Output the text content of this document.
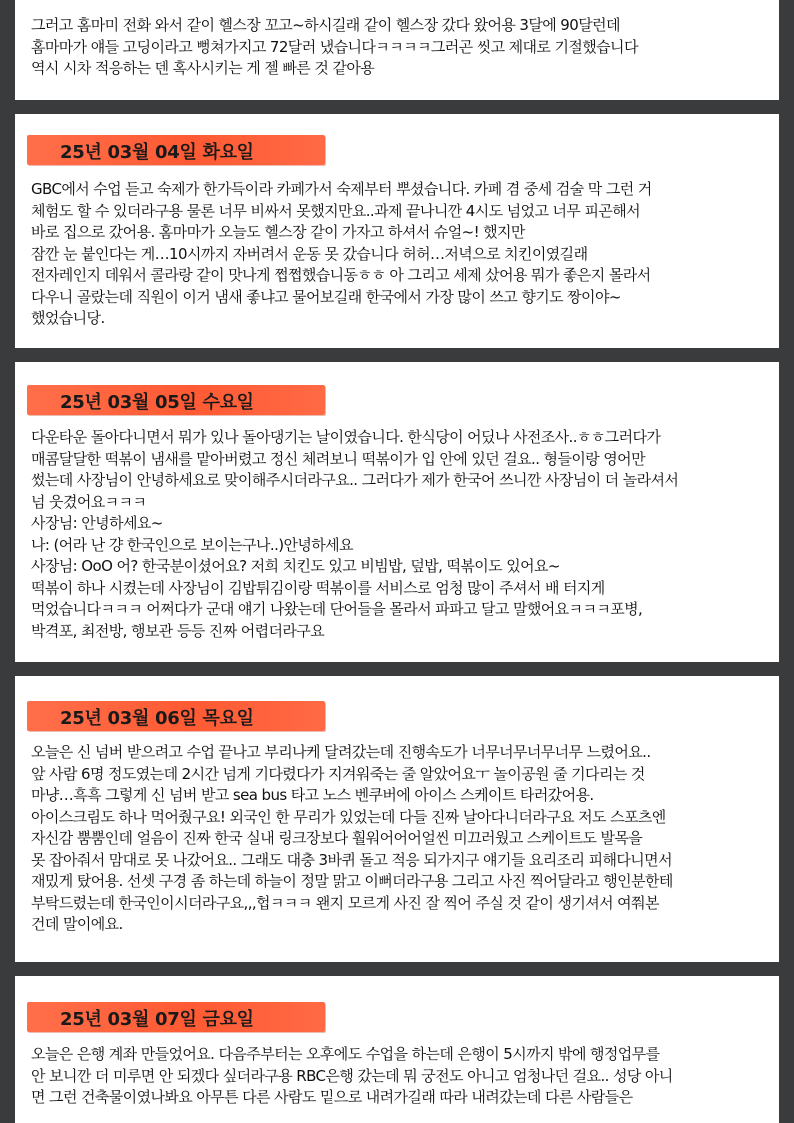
그러고 홈마미 전화 와서 같이 헬스장 꼬고~하시길래 같이 헬스장 갔다 왔어용 3달에 90달런데
홈마마가 얘들 고딩이라고 뻥쳐가지고 72달러 냈습니다ㅋㅋㅋㅋ그러곤 씻고 제대로 기절했습니다
역시 시차 적응하는 덴 혹사시키는 게 젤 빠른 것 같아용

25년 03월 04일 화요일

GBC에서 수업 듣고 숙제가 한가득이라 카페가서 숙제부터 뿌셨습니다. 카페 겸 중세 검술 막 그런 거
체험도 할 수 있더라구용 물론 너무 비싸서 못했지만요..과제 끝나니깐 4시도 넘었고 너무 피곤해서
바로 집으로 갔어용. 홈마마가 오늘도 헬스장 같이 가자고 하셔서 슈얼~! 했지만
잠깐 눈 붙인다는 게…10시까지 자버려서 운동 못 갔습니다 허허…저녁으로 치킨이였길래
전자레인지 데워서 콜라랑 같이 맛나게 쩝쩝했습니동ㅎㅎ 아 그리고 세제 샀어용 뭐가 좋은지 몰라서
다우니 골랐는데 직원이 이거 냄새 좋냐고 물어보길래 한국에서 가장 많이 쓰고 향기도 짱이야~
했었습니당.

25년 03월 05일 수요일

다운타운 돌아다니면서 뭐가 있나 돌아댕기는 날이였습니다. 한식당이 어딨나 사전조사..ㅎㅎ그러다가
매콤달달한 떡볶이 냄새를 맡아버렸고 정신 체려보니 떡볶이가 입 안에 있던 걸요.. 형들이랑 영어만
썼는데 사장님이 안녕하세요로 맞이해주시더라구요.. 그러다가 제가 한국어 쓰니깐 사장님이 더 놀라셔서
넘 웃겼어요ㅋㅋㅋ
사장님: 안녕하세요~
나: (어라 난 걍 한국인으로 보이는구나..)안녕하세요
사장님: OoO 어? 한국분이셨어요? 저희 치킨도 있고 비빔밥, 덮밥, 떡볶이도 있어요~
떡볶이 하나 시켰는데 사장님이 김밥튀김이랑 떡볶이를 서비스로 엄청 많이 주셔서 배 터지게
먹었습니다ㅋㅋㅋ 어쩌다가 군대 얘기 나왔는데 단어들을 몰라서 파파고 달고 말했어요ㅋㅋㅋ포병,
박격포, 최전방, 행보관 등등 진짜 어렵더라구요

25년 03월 06일 목요일

오늘은 신 넘버 받으려고 수업 끝나고 부리나케 달려갔는데 진행속도가 너무너무너무너무 느렸어요..
앞 사람 6명 정도였는데 2시간 넘게 기다렸다가 지겨워죽는 줄 알았어요ㅜ 놀이공원 줄 기다리는 것
마냥…흑흑 그렇게 신 넘버 받고 sea bus 타고 노스 벤쿠버에 아이스 스케이트 타러갔어용.
아이스크림도 하나 먹어줬구요! 외국인 한 무리가 있었는데 다들 진짜 날아다니더라구요 저도 스포츠엔
자신감 뿜뿜인데 얼음이 진짜 한국 실내 링크장보다 훨워어어어얼씬 미끄러웠고 스케이트도 발목을
못 잡아줘서 맘대로 못 나갔어요.. 그래도 대충 3바퀴 돌고 적응 되가지구 얘기들 요리조리 피해다니면서
재밌게 탔어용. 선셋 구경 좀 하는데 하늘이 정말 맑고 이뻐더라구용 그리고 사진 찍어달라고 행인분한테
부탁드렸는데 한국인이시더라구요,,,헙ㅋㅋㅋ 왠지 모르게 사진 잘 찍어 주실 것 같이 생기셔서 여쭤본
건데 말이에요.

25년 03월 07일 금요일

오늘은 은행 계좌 만들었어요. 다음주부터는 오후에도 수업을 하는데 은행이 5시까지 밖에 행정업무를
안 보니깐 더 미루면 안 되겠다 싶더라구용 RBC은행 갔는데 뭐 궁전도 아니고 엄청나던 걸요.. 성당 아니
면 그런 건축물이였나봐요 아무튼 다른 사람도 밑으로 내려가길래 따라 내려갔는데 다른 사람들은
